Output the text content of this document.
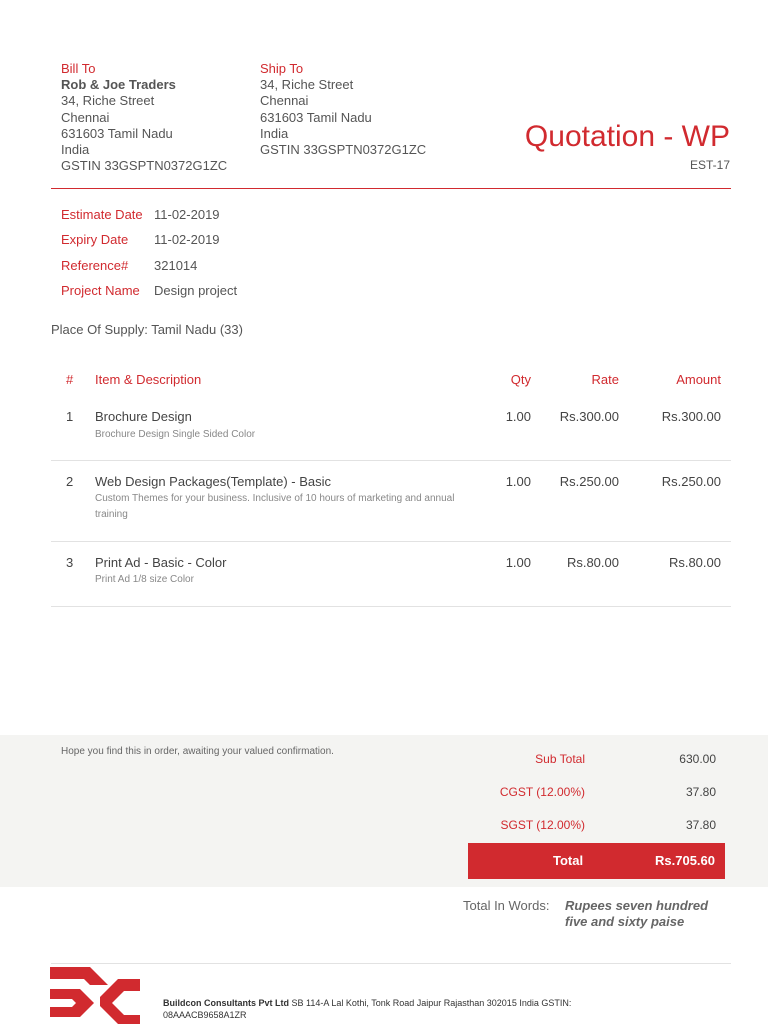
Bill To
Rob & Joe Traders
34, Riche Street
Chennai
631603 Tamil Nadu
India
GSTIN 33GSPTN0372G1ZC
Ship To
34, Riche Street
Chennai
631603 Tamil Nadu
India
GSTIN 33GSPTN0372G1ZC	Quotation - WP
EST-17
Estimate Date 11-02-2019
Expiry Date	11-02-2019
Reference#	321014
Project Name	Design project
Place Of Supply: Tamil Nadu (33)
# Item & Description	Qty	Rate	Amount
1 Brochure Design
Brochure Design Single Sided Color
1.00	Rs.300.00	Rs.300.00
2 Web Design Packages(Template) - Basic
Custom Themes for your business. Inclusive of 10 hours of marketing and annual training
1.00	Rs.250.00	Rs.250.00
3 Print Ad - Basic - Color
Print Ad 1/8 size Color
1.00	Rs.80.00	Rs.80.00
Hope you find this in order, awaiting your valued confirmation.
Sub Total	630.00
CGST (12.00%)	37.80
SGST (12.00%)	37.80
Total	Rs.705.60
Total In Words: Rupees seven hundred five and sixty paise
Buildcon Consultants Pvt Ltd SB 114-A Lal Kothi, Tonk Road Jaipur Rajasthan 302015 India GSTIN: 08AAACB9658A1ZR
